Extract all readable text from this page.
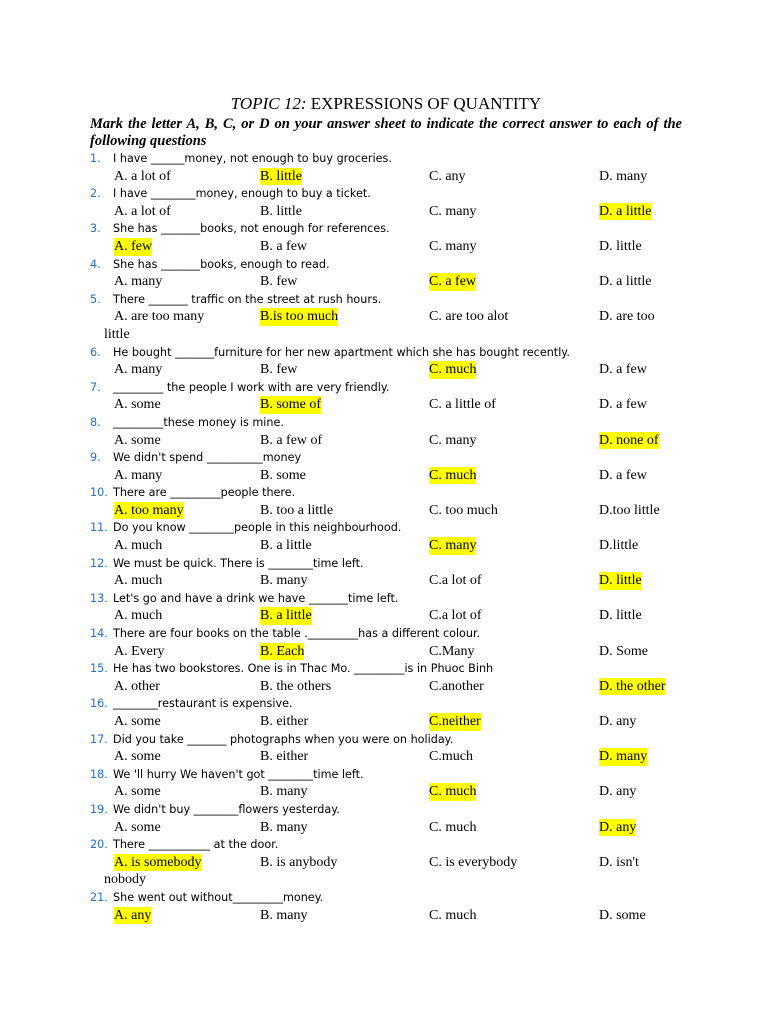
TOPIC 12: EXPRESSIONS OF QUANTITY

Mark the letter A, B, C, or D on your answer sheet to indicate the correct answer to each of the following questions

1.	I have ______money, not enough to buy groceries.
A. a lot of	B. little	C. any	D. many
2.	I have ________money, enough to buy a ticket.
A. a lot of	B. little	C. many	D. a little
3.	She has _______books, not enough for references.
A. few	B. a few	C. many	D. little
4.	She has _______books, enough to read.
A. many	B. few	C. a few	D. a little
5.	There _______ traffic on the street at rush hours.
A. are too many	B.is too much	C. are too alot	D. are too
little
6.	He bought _______furniture for her new apartment which she has bought recently.
A. many	B. few	C. much	D. a few
7.	_________ the people I work with are very friendly.
A. some	B. some of	C. a little of	D. a few
8.	_________these money is mine.
A. some	B. a few of	C. many	D. none of
9.	We didn't spend __________money
A. many	B. some	C. much	D. a few
10. There are _________people there.
A. too many	B. too a little	C. too much	D.too little
11. Do you know ________people in this neighbourhood.
A. much	B. a little	C. many	D.little
12. We must be quick. There is ________time left.
A. much	B. many	C.a lot of	D. little
13. Let's go and have a drink we have _______time left.
A. much	B. a little	C.a lot of	D. little
14. There are four books on the table ._________has a different colour.
A. Every	B. Each	C.Many	D. Some
15. He has two bookstores. One is in Thac Mo. _________is in Phuoc Binh
A. other	B. the others	C.another	D. the other
16. ________restaurant is expensive.
A. some	B. either	C.neither	D. any
17. Did you take _______ photographs when you were on holiday.
A. some	B. either	C.much	D. many
18. We 'll hurry We haven't got ________time left.
A. some	B. many	C. much	D. any
19. We didn't buy ________flowers yesterday.
A. some	B. many	C. much	D. any
20. There ___________ at the door.
A. is somebody	B. is anybody	C. is everybody	D. isn't
nobody
21. She went out without_________money.
A. any	B. many	C. much	D. some
